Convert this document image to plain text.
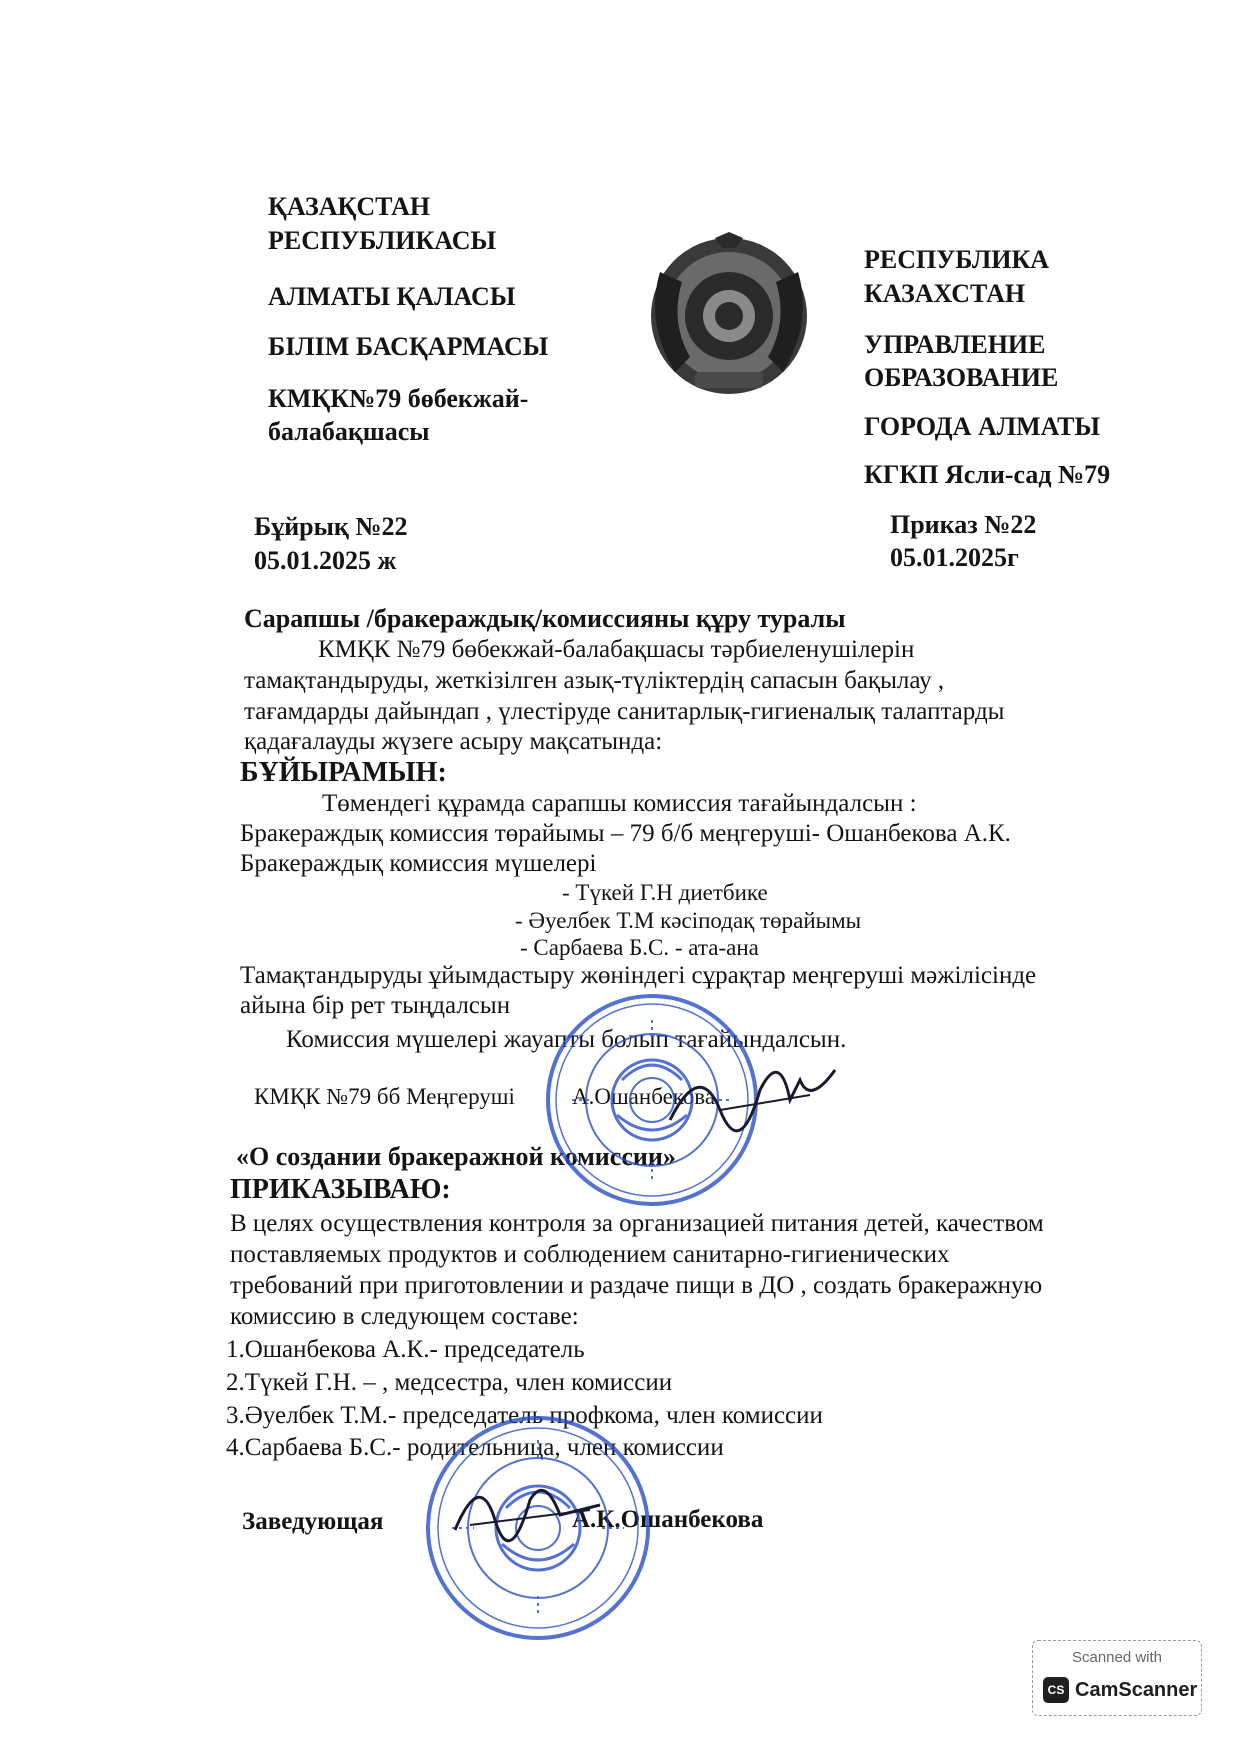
ҚАЗАҚСТАН
РЕСПУБЛИКАСЫ
АЛМАТЫ ҚАЛАСЫ
БІЛІМ БАСҚАРМАСЫ
КМҚК№79 бөбекжай-
балабақшасы
РЕСПУБЛИКА
КАЗАХСТАН
УПРАВЛЕНИЕ
ОБРАЗОВАНИЕ
ГОРОДА АЛМАТЫ
КГКП Ясли-сад №79
Бұйрық №22
05.01.2025 ж
Приказ №22
05.01.2025г
Сарапшы /бракераждық/комиссияны құру туралы
КМҚК №79 бөбекжай-балабақшасы тәрбиеленушілерін
тамақтандыруды, жеткізілген азық-түліктердің сапасын бақылау ,
тағамдарды дайындап , үлестіруде санитарлық-гигиеналық талаптарды
қадағалауды жүзеге асыру мақсатында:
БҰЙЫРАМЫН:
Төмендегі құрамда сарапшы комиссия тағайындалсын :
Бракераждық комиссия төрайымы – 79 б/б меңгеруші- Ошанбекова А.К.
Бракераждық комиссия мүшелері
- Түкей Г.Н диетбике
- Әуелбек Т.М кәсіподақ төрайымы
- Сарбаева Б.С. - ата-ана
Тамақтандыруды ұйымдастыру жөніндегі сұрақтар меңгеруші мәжілісінде
айына бір рет тыңдалсын
Комиссия мүшелері жауапты болып тағайындалсын.
КМҚК №79 бб Меңгеруші А.Ошанбекова
«О создании бракеражной комиссии»
ПРИКАЗЫВАЮ:
В целях осуществления контроля за организацией питания детей, качеством
поставляемых продуктов и соблюдением санитарно-гигиенических
требований при приготовлении и раздаче пищи в ДО , создать бракеражную
комиссию в следующем составе:
1.Ошанбекова А.К.- председатель
2.Түкей Г.Н. – , медсестра, член комиссии
3.Әуелбек Т.М.- председатель профкома, член комиссии
4.Сарбаева Б.С.- родительница, член комиссии
Заведующая	А.К.Ошанбекова
Scanned with
CS CamScanner
